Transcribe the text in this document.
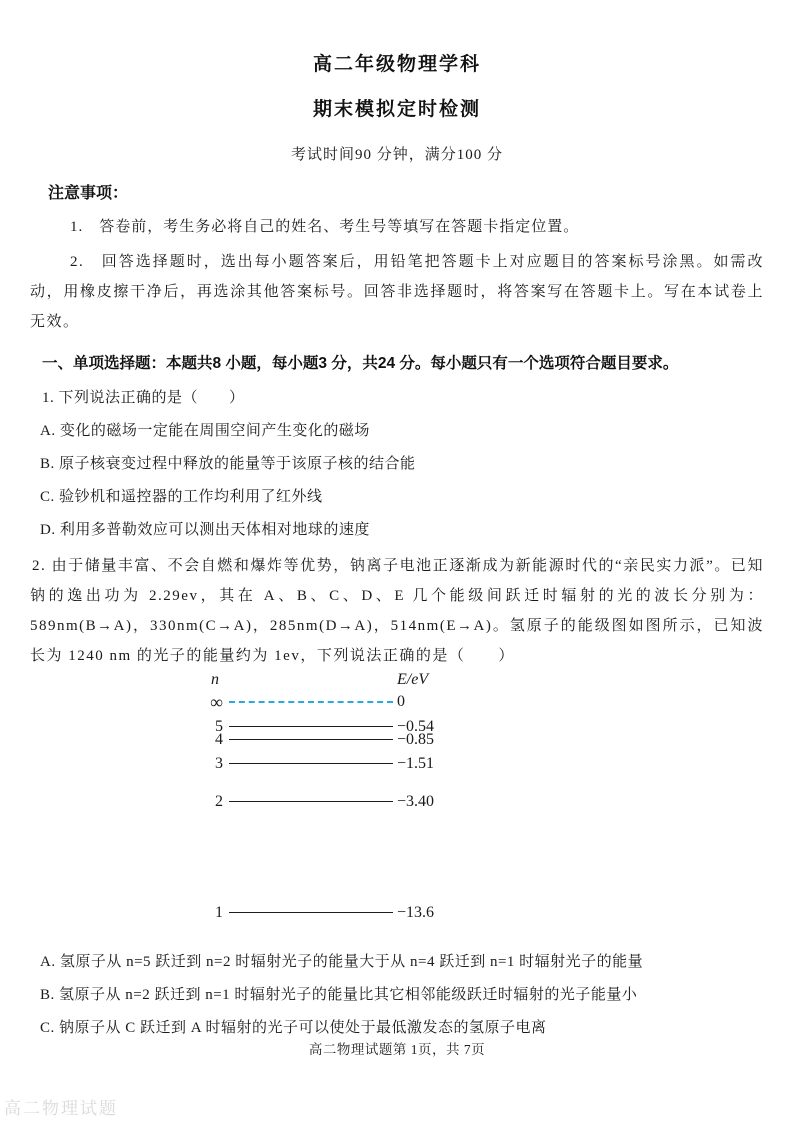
高二年级物理学科
期末模拟定时检测
考试时间90 分钟，满分100 分
注意事项：
1.　答卷前，考生务必将自己的姓名、考生号等填写在答题卡指定位置。
2.　回答选择题时，选出每小题答案后，用铅笔把答题卡上对应题目的答案标号涂黑。如需改动，用橡皮擦干净后，再选涂其他答案标号。回答非选择题时，将答案写在答题卡上。写在本试卷上无效。
一、单项选择题：本题共8 小题，每小题3 分，共24 分。每小题只有一个选项符合题目要求。
1. 下列说法正确的是（　　）
A. 变化的磁场一定能在周围空间产生变化的磁场
B. 原子核衰变过程中释放的能量等于该原子核的结合能
C. 验钞机和遥控器的工作均利用了红外线
D. 利用多普勒效应可以测出天体相对地球的速度
2. 由于储量丰富、不会自燃和爆炸等优势，钠离子电池正逐渐成为新能源时代的“亲民实力派”。已知钠的逸出功为 2.29ev，其在 A、B、C、D、E 几个能级间跃迁时辐射的光的波长分别为：589nm(B→A)，330nm(C→A)，285nm(D→A)，514nm(E→A)。氢原子的能级图如图所示，已知波长为 1240 nm 的光子的能量约为 1ev，下列说法正确的是（　　）
n	E/eV
∞	0
5	−0.54
4	−0.85
3	−1.51
2	−3.40
1	−13.6
A. 氢原子从 n=5 跃迁到 n=2 时辐射光子的能量大于从 n=4 跃迁到 n=1 时辐射光子的能量
B. 氢原子从 n=2 跃迁到 n=1 时辐射光子的能量比其它相邻能级跃迁时辐射的光子能量小
C. 钠原子从 C 跃迁到 A 时辐射的光子可以使处于最低激发态的氢原子电离
高二物理试题第 1页，共 7页
高二物理试题
